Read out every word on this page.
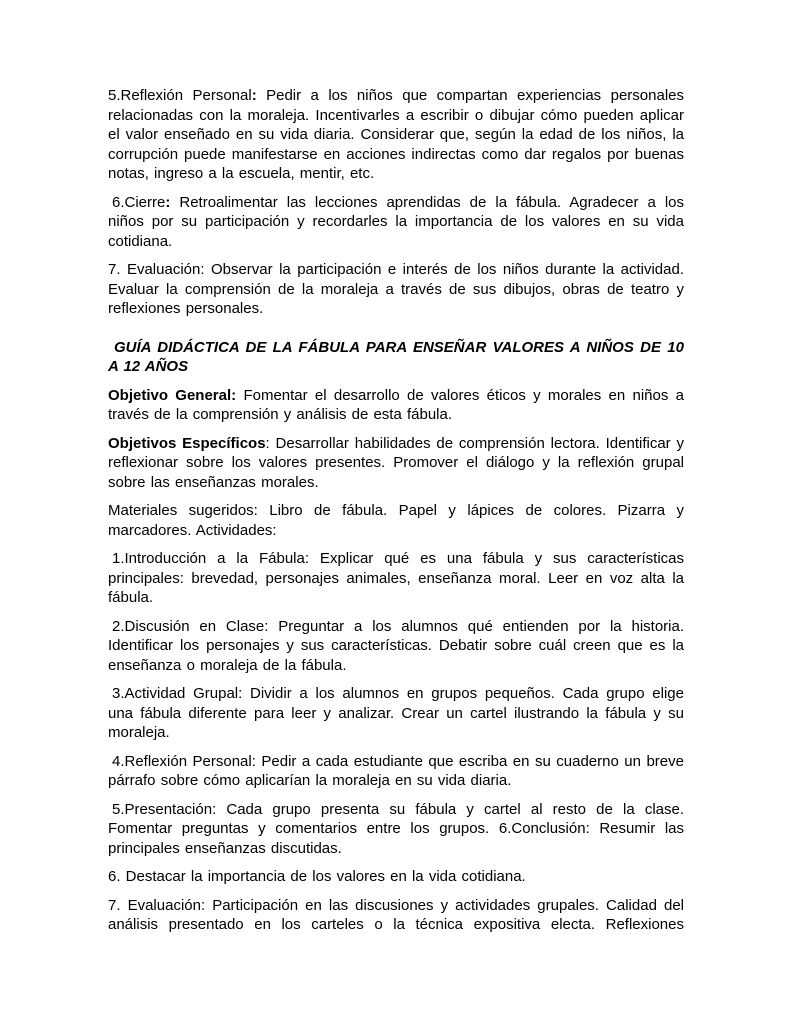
5.Reflexión Personal: Pedir a los niños que compartan experiencias personales relacionadas con la moraleja. Incentivarles a escribir o dibujar cómo pueden aplicar el valor enseñado en su vida diaria. Considerar que, según la edad de los niños, la corrupción puede manifestarse en acciones indirectas como dar regalos por buenas notas, ingreso a la escuela, mentir, etc.

6.Cierre: Retroalimentar las lecciones aprendidas de la fábula. Agradecer a los niños por su participación y recordarles la importancia de los valores en su vida cotidiana.

7. Evaluación: Observar la participación e interés de los niños durante la actividad. Evaluar la comprensión de la moraleja a través de sus dibujos, obras de teatro y reflexiones personales.

GUÍA DIDÁCTICA DE LA FÁBULA PARA ENSEÑAR VALORES A NIÑOS DE 10 A 12 AÑOS

Objetivo General: Fomentar el desarrollo de valores éticos y morales en niños a través de la comprensión y análisis de esta fábula.

Objetivos Específicos: Desarrollar habilidades de comprensión lectora. Identificar y reflexionar sobre los valores presentes. Promover el diálogo y la reflexión grupal sobre las enseñanzas morales.

Materiales sugeridos: Libro de fábula. Papel y lápices de colores. Pizarra y marcadores. Actividades:

1.Introducción a la Fábula: Explicar qué es una fábula y sus características principales: brevedad, personajes animales, enseñanza moral. Leer en voz alta la fábula.

2.Discusión en Clase: Preguntar a los alumnos qué entienden por la historia. Identificar los personajes y sus características. Debatir sobre cuál creen que es la enseñanza o moraleja de la fábula.

3.Actividad Grupal: Dividir a los alumnos en grupos pequeños. Cada grupo elige una fábula diferente para leer y analizar. Crear un cartel ilustrando la fábula y su moraleja.

4.Reflexión Personal: Pedir a cada estudiante que escriba en su cuaderno un breve párrafo sobre cómo aplicarían la moraleja en su vida diaria.

5.Presentación: Cada grupo presenta su fábula y cartel al resto de la clase. Fomentar preguntas y comentarios entre los grupos. 6.Conclusión: Resumir las principales enseñanzas discutidas.

6. Destacar la importancia de los valores en la vida cotidiana.

7. Evaluación: Participación en las discusiones y actividades grupales. Calidad del análisis presentado en los carteles o la técnica expositiva electa. Reflexiones
